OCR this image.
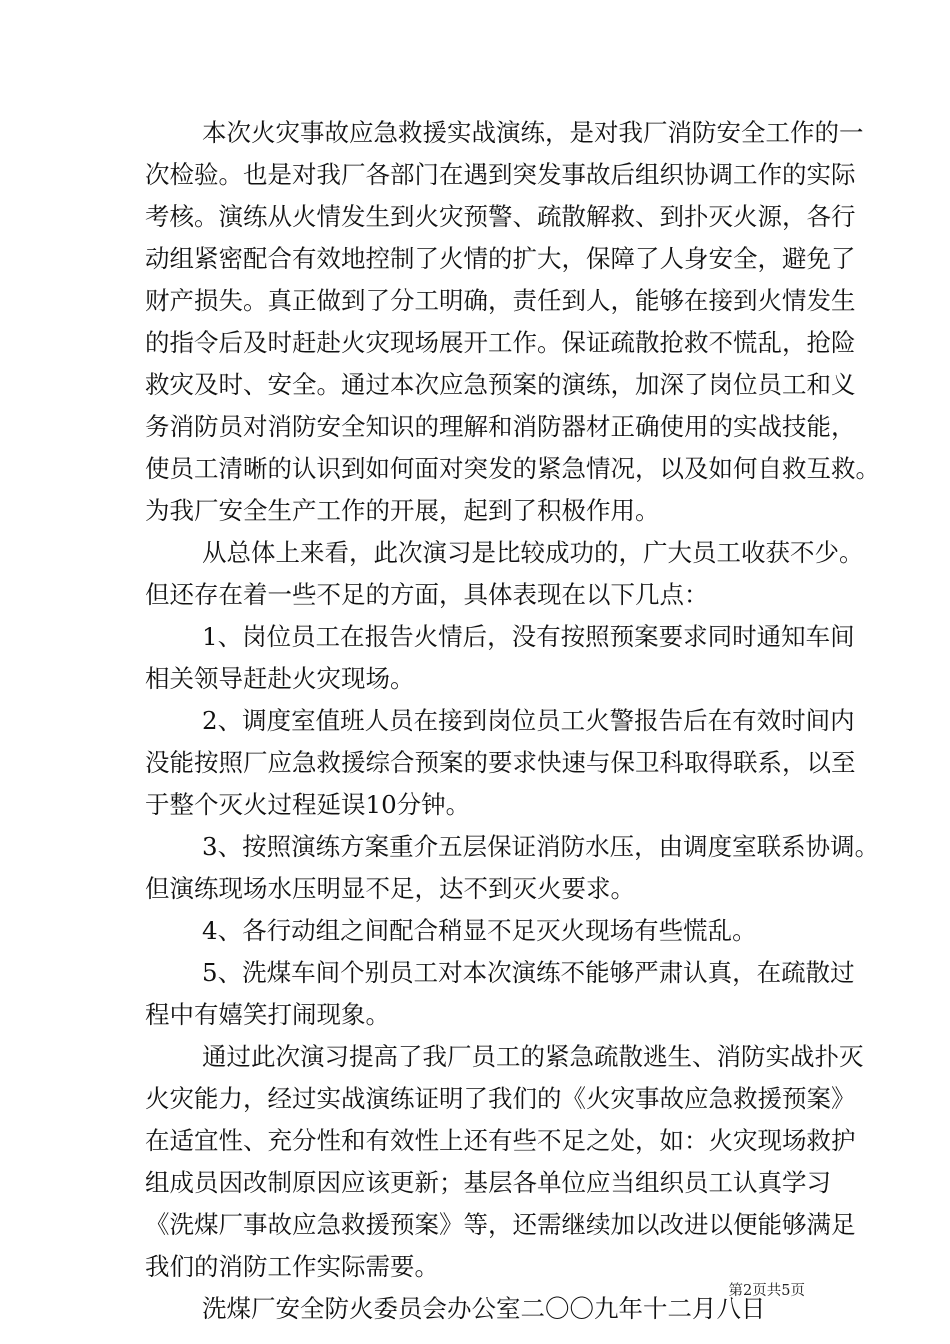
本次火灾事故应急救援实战演练，是对我厂消防安全工作的一
次检验。也是对我厂各部门在遇到突发事故后组织协调工作的实际
考核。演练从火情发生到火灾预警、疏散解救、到扑灭火源，各行
动组紧密配合有效地控制了火情的扩大，保障了人身安全，避免了
财产损失。真正做到了分工明确，责任到人，能够在接到火情发生
的指令后及时赶赴火灾现场展开工作。保证疏散抢救不慌乱，抢险
救灾及时、安全。通过本次应急预案的演练，加深了岗位员工和义
务消防员对消防安全知识的理解和消防器材正确使用的实战技能，
使员工清晰的认识到如何面对突发的紧急情况，以及如何自救互救。
为我厂安全生产工作的开展，起到了积极作用。
从总体上来看，此次演习是比较成功的，广大员工收获不少。
但还存在着一些不足的方面，具体表现在以下几点：
1、岗位员工在报告火情后，没有按照预案要求同时通知车间
相关领导赶赴火灾现场。
2、调度室值班人员在接到岗位员工火警报告后在有效时间内
没能按照厂应急救援综合预案的要求快速与保卫科取得联系，以至
于整个灭火过程延误10分钟。
3、按照演练方案重介五层保证消防水压，由调度室联系协调。
但演练现场水压明显不足，达不到灭火要求。
4、各行动组之间配合稍显不足灭火现场有些慌乱。
5、洗煤车间个别员工对本次演练不能够严肃认真，在疏散过
程中有嬉笑打闹现象。
通过此次演习提高了我厂员工的紧急疏散逃生、消防实战扑灭
火灾能力，经过实战演练证明了我们的《火灾事故应急救援预案》
在适宜性、充分性和有效性上还有些不足之处，如：火灾现场救护
组成员因改制原因应该更新；基层各单位应当组织员工认真学习
《洗煤厂事故应急救援预案》等，还需继续加以改进以便能够满足
我们的消防工作实际需要。
洗煤厂安全防火委员会办公室二〇〇九年十二月八日
第2页共5页
